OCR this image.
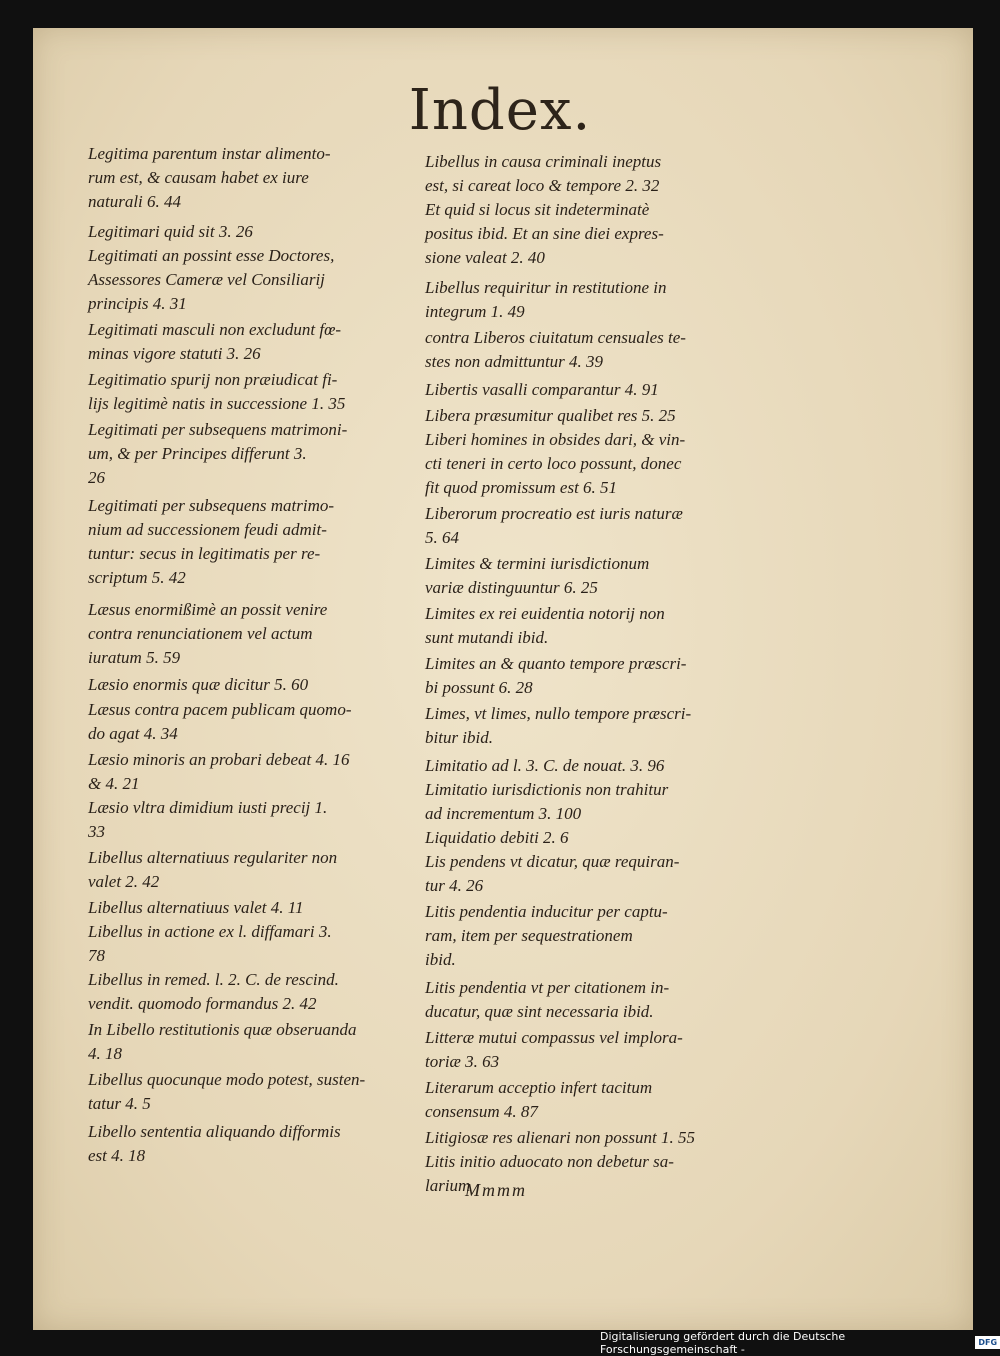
Index.

Legitima parentum instar alimento-
rum est, & causam habet ex iure
naturali 6. 44

Legitimari quid sit 3. 26

Legitimati an possint esse Doctores,
Assessores Cameræ vel Consiliarij
principis 4. 31

Legitimati masculi non excludunt fœ-
minas vigore statuti 3. 26

Legitimatio spurij non præiudicat fi-
lijs legitimè natis in successione 1. 35

Legitimati per subsequens matrimoni-
um, & per Principes differunt 3.
26

Legitimati per subsequens matrimo-
nium ad successionem feudi admit-
tuntur: secus in legitimatis per re-
scriptum 5. 42

Læsus enormißimè an possit venire
contra renunciationem vel actum
iuratum 5. 59

Læsio enormis quæ dicitur 5. 60

Læsus contra pacem publicam quomo-
do agat 4. 34

Læsio minoris an probari debeat 4. 16
& 4. 21

Læsio vltra dimidium iusti precij 1.
33

Libellus alternatiuus regulariter non
valet 2. 42

Libellus alternatiuus valet 4. 11

Libellus in actione ex l. diffamari 3.
78

Libellus in remed. l. 2. C. de rescind.
vendit. quomodo formandus 2. 42

In Libello restitutionis quæ obseruanda
4. 18

Libellus quocunque modo potest, susten-
tatur 4. 5

Libello sententia aliquando difformis
est 4. 18

Libellus in causa criminali ineptus
est, si careat loco & tempore 2. 32
Et quid si locus sit indeterminatè
positus ibid. Et an sine diei expres-
sione valeat 2. 40

Libellus requiritur in restitutione in
integrum 1. 49

contra Liberos ciuitatum censuales te-
stes non admittuntur 4. 39

Libertis vasalli comparantur 4. 91

Libera præsumitur qualibet res 5. 25

Liberi homines in obsides dari, & vin-
cti teneri in certo loco possunt, donec
fit quod promissum est 6. 51

Liberorum procreatio est iuris naturæ
5. 64

Limites & termini iurisdictionum
variæ distinguuntur 6. 25

Limites ex rei euidentia notorij non
sunt mutandi ibid.

Limites an & quanto tempore præscri-
bi possunt 6. 28

Limes, vt limes, nullo tempore præscri-
bitur ibid.

Limitatio ad l. 3. C. de nouat. 3. 96

Limitatio iurisdictionis non trahitur
ad incrementum 3. 100

Liquidatio debiti 2. 6

Lis pendens vt dicatur, quæ requiran-
tur 4. 26

Litis pendentia inducitur per captu-
ram, item per sequestrationem
ibid.

Litis pendentia vt per citationem in-
ducatur, quæ sint necessaria ibid.

Litteræ mutui compassus vel implora-
toriæ 3. 63

Literarum acceptio infert tacitum
consensum 4. 87

Litigiosæ res alienari non possunt 1. 55

Litis initio aduocato non debetur sa-
larium

Mmmm
Digitalisierung gefördert durch die Deutsche Forschungsgemeinschaft -	DFG
